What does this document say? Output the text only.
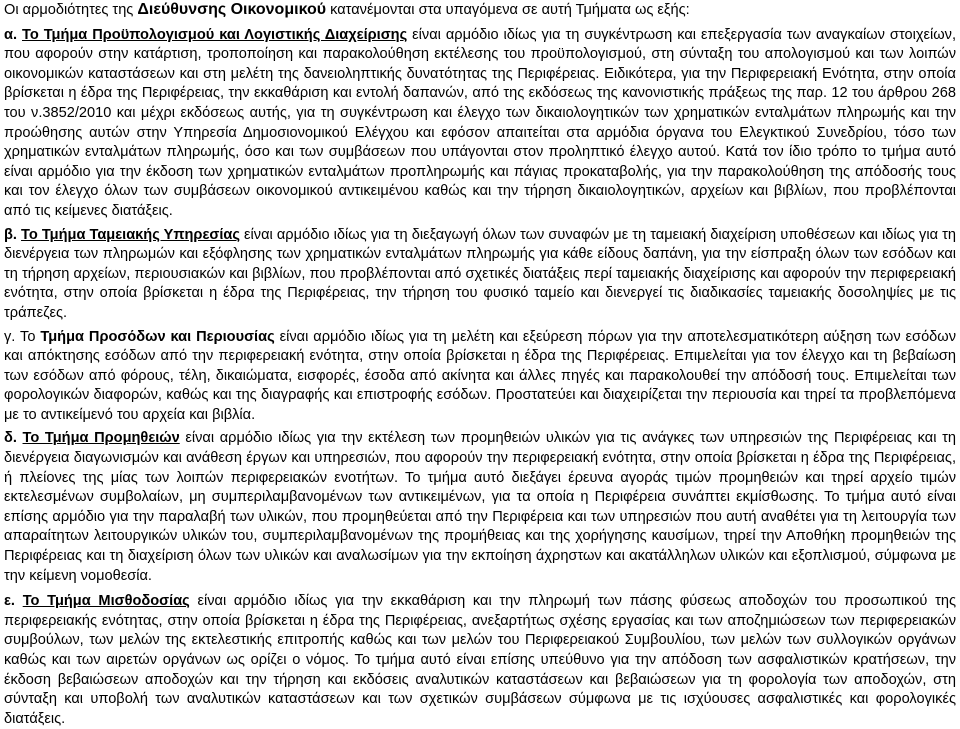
Οι αρμοδιότητες της Διεύθυνσης Οικονομικού κατανέμονται στα υπαγόμενα σε αυτή Τμήματα ως εξής:

α. Το Τμήμα Προϋπολογισμού και Λογιστικής Διαχείρισης είναι αρμόδιο ιδίως για τη συγκέντρωση και επεξεργασία των αναγκαίων στοιχείων, που αφορούν στην κατάρτιση, τροποποίηση και παρακολούθηση εκτέλεσης του προϋπολογισμού, στη σύνταξη του απολογισμού και των λοιπών οικονομικών καταστάσεων και στη μελέτη της δανειοληπτικής δυνατότητας της Περιφέρειας. Ειδικότερα, για την Περιφερειακή Ενότητα, στην οποία βρίσκεται η έδρα της Περιφέρειας, την εκκαθάριση και εντολή δαπανών, από της εκδόσεως της κανονιστικής πράξεως της παρ. 12 του άρθρου 268 του ν.3852/2010 και μέχρι εκδόσεως αυτής, για τη συγκέντρωση και έλεγχο των δικαιολογητικών των χρηματικών ενταλμάτων πληρωμής και την προώθησης αυτών στην Υπηρεσία Δημοσιονομικού Ελέγχου και εφόσον απαιτείται στα αρμόδια όργανα του Ελεγκτικού Συνεδρίου, τόσο των χρηματικών ενταλμάτων πληρωμής, όσο και των συμβάσεων που υπάγονται στον προληπτικό έλεγχο αυτού. Κατά τον ίδιο τρόπο το τμήμα αυτό είναι αρμόδιο για την έκδοση των χρηματικών ενταλμάτων προπληρωμής και πάγιας προκαταβολής, για την παρακολούθηση της απόδοσής τους και τον έλεγχο όλων των συμβάσεων οικονομικού αντικειμένου καθώς και την τήρηση δικαιολογητικών, αρχείων και βιβλίων, που προβλέπονται από τις κείμενες διατάξεις.

β. Το Τμήμα Ταμειακής Υπηρεσίας είναι αρμόδιο ιδίως για τη διεξαγωγή όλων των συναφών με τη ταμειακή διαχείριση υποθέσεων και ιδίως για τη διενέργεια των πληρωμών και εξόφλησης των χρηματικών ενταλμάτων πληρωμής για κάθε είδους δαπάνη, για την είσπραξη όλων των εσόδων και τη τήρηση αρχείων, περιουσιακών και βιβλίων, που προβλέπονται από σχετικές διατάξεις περί ταμειακής διαχείρισης και αφορούν την περιφερειακή ενότητα, στην οποία βρίσκεται η έδρα της Περιφέρειας, την τήρηση του φυσικό ταμείο και διενεργεί τις διαδικασίες ταμειακής δοσοληψίες με τις τράπεζες.

γ. Το Τμήμα Προσόδων και Περιουσίας είναι αρμόδιο ιδίως για τη μελέτη και εξεύρεση πόρων για την αποτελεσματικότερη αύξηση των εσόδων και απόκτησης εσόδων από την περιφερειακή ενότητα, στην οποία βρίσκεται η έδρα της Περιφέρειας. Επιμελείται για τον έλεγχο και τη βεβαίωση των εσόδων από φόρους, τέλη, δικαιώματα, εισφορές, έσοδα από ακίνητα και άλλες πηγές και παρακολουθεί την απόδοσή τους. Επιμελείται των φορολογικών διαφορών, καθώς και της διαγραφής και επιστροφής εσόδων. Προστατεύει και διαχειρίζεται την περιουσία και τηρεί τα προβλεπόμενα με το αντικείμενό του αρχεία και βιβλία.

δ. Το Τμήμα Προμηθειών είναι αρμόδιο ιδίως για την εκτέλεση των προμηθειών υλικών για τις ανάγκες των υπηρεσιών της Περιφέρειας και τη διενέργεια διαγωνισμών και ανάθεση έργων και υπηρεσιών, που αφορούν την περιφερειακή ενότητα, στην οποία βρίσκεται η έδρα της Περιφέρειας, ή πλείονες της μίας των λοιπών περιφερειακών ενοτήτων. Το τμήμα αυτό διεξάγει έρευνα αγοράς τιμών προμηθειών και τηρεί αρχείο τιμών εκτελεσμένων συμβολαίων, μη συμπεριλαμβανομένων των αντικειμένων, για τα οποία η Περιφέρεια συνάπτει εκμίσθωσης. Το τμήμα αυτό είναι επίσης αρμόδιο για την παραλαβή των υλικών, που προμηθεύεται από την Περιφέρεια και των υπηρεσιών που αυτή αναθέτει για τη λειτουργία των απαραίτητων λειτουργικών υλικών του, συμπεριλαμβανομένων της προμήθειας και της χορήγησης καυσίμων, τηρεί την Αποθήκη προμηθειών της Περιφέρειας και τη διαχείριση όλων των υλικών και αναλωσίμων για την εκποίηση άχρηστων και ακατάλληλων υλικών και εξοπλισμού, σύμφωνα με την κείμενη νομοθεσία.

ε. Το Τμήμα Μισθοδοσίας είναι αρμόδιο ιδίως για την εκκαθάριση και την πληρωμή των πάσης φύσεως αποδοχών του προσωπικού της περιφερειακής ενότητας, στην οποία βρίσκεται η έδρα της Περιφέρειας, ανεξαρτήτως σχέσης εργασίας και των αποζημιώσεων των περιφερειακών συμβούλων, των μελών της εκτελεστικής επιτροπής καθώς και των μελών του Περιφερειακού Συμβουλίου, των μελών των συλλογικών οργάνων καθώς και των αιρετών οργάνων ως ορίζει ο νόμος. Το τμήμα αυτό είναι επίσης υπεύθυνο για την απόδοση των ασφαλιστικών κρατήσεων, την έκδοση βεβαιώσεων αποδοχών και την τήρηση και εκδόσεις αναλυτικών καταστάσεων και βεβαιώσεων για τη φορολογία των αποδοχών, στη σύνταξη και υποβολή των αναλυτικών καταστάσεων και των σχετικών συμβάσεων σύμφωνα με τις ισχύουσες ασφαλιστικές και φορολογικές διατάξεις.
